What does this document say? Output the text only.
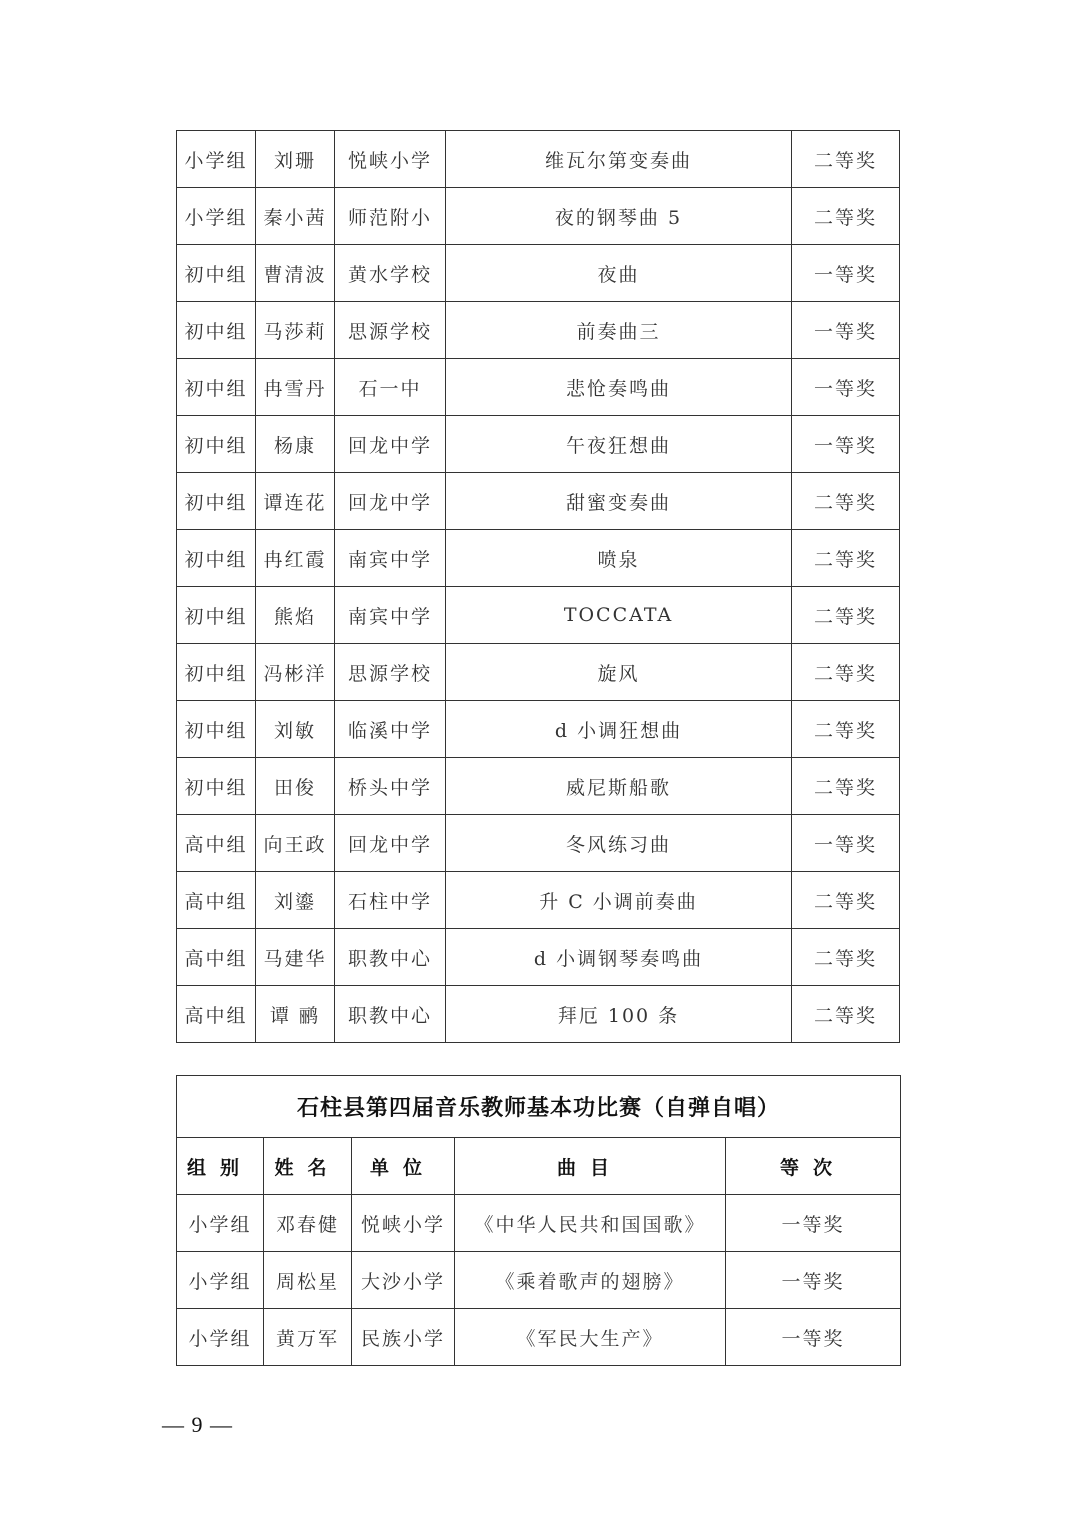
小学组	刘珊	悦峡小学	维瓦尔第变奏曲	二等奖
小学组	秦小茜	师范附小	夜的钢琴曲 5	二等奖
初中组	曹清波	黄水学校	夜曲	一等奖
初中组	马莎莉	思源学校	前奏曲三	一等奖
初中组	冉雪丹	石一中	悲怆奏鸣曲	一等奖
初中组	杨康	回龙中学	午夜狂想曲	一等奖
初中组	谭连花	回龙中学	甜蜜变奏曲	二等奖
初中组	冉红霞	南宾中学	喷泉	二等奖
初中组	熊焰	南宾中学	TOCCATA	二等奖
初中组	冯彬洋	思源学校	旋风	二等奖
初中组	刘敏	临溪中学	d 小调狂想曲	二等奖
初中组	田俊	桥头中学	威尼斯船歌	二等奖
高中组	向王政	回龙中学	冬风练习曲	一等奖
高中组	刘鎏	石柱中学	升 C 小调前奏曲	二等奖
高中组	马建华	职教中心	d 小调钢琴奏鸣曲	二等奖
高中组	谭 鹂	职教中心	拜厄 100 条	二等奖
石柱县第四届音乐教师基本功比赛（自弹自唱）				
组别	姓名	单位	曲目	等次
小学组	邓春健	悦峡小学	《中华人民共和国国歌》	一等奖
小学组	周松星	大沙小学	《乘着歌声的翅膀》	一等奖
小学组	黄万军	民族小学	《军民大生产》	一等奖
— 9 —
